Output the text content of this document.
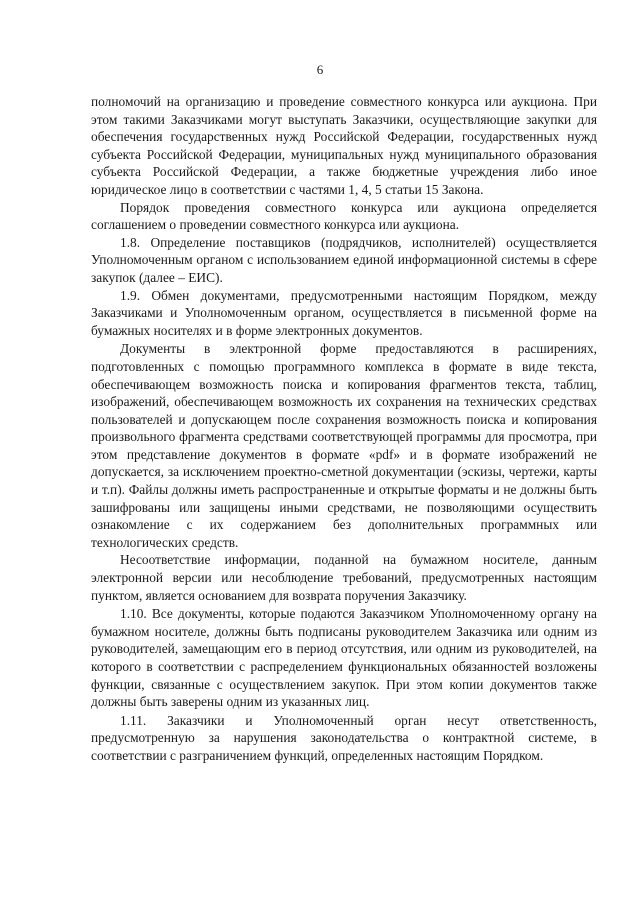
6

полномочий на организацию и проведение совместного конкурса или аукциона. При этом такими Заказчиками могут выступать Заказчики, осуществляющие закупки для обеспечения государственных нужд Российской Федерации, государственных нужд субъекта Российской Федерации, муниципальных нужд муниципального образования субъекта Российской Федерации, а также бюджетные учреждения либо иное юридическое лицо в соответствии с частями 1, 4, 5 статьи 15 Закона.

Порядок проведения совместного конкурса или аукциона определяется соглашением о проведении совместного конкурса или аукциона.

1.8. Определение поставщиков (подрядчиков, исполнителей) осуществляется Уполномоченным органом с использованием единой информационной системы в сфере закупок (далее – ЕИС).

1.9. Обмен документами, предусмотренными настоящим Порядком, между Заказчиками и Уполномоченным органом, осуществляется в письменной форме на бумажных носителях и в форме электронных документов.

Документы в электронной форме предоставляются в расширениях, подготовленных с помощью программного комплекса в формате в виде текста, обеспечивающем возможность поиска и копирования фрагментов текста, таблиц, изображений, обеспечивающем возможность их сохранения на технических средствах пользователей и допускающем после сохранения возможность поиска и копирования произвольного фрагмента средствами соответствующей программы для просмотра, при этом представление документов в формате «pdf» и в формате изображений не допускается, за исключением проектно-сметной документации (эскизы, чертежи, карты и т.п). Файлы должны иметь распространенные и открытые форматы и не должны быть зашифрованы или защищены иными средствами, не позволяющими осуществить ознакомление с их содержанием без дополнительных программных или технологических средств.

Несоответствие информации, поданной на бумажном носителе, данным электронной версии или несоблюдение требований, предусмотренных настоящим пунктом, является основанием для возврата поручения Заказчику.

1.10. Все документы, которые подаются Заказчиком Уполномоченному органу на бумажном носителе, должны быть подписаны руководителем Заказчика или одним из руководителей, замещающим его в период отсутствия, или одним из руководителей, на которого в соответствии с распределением функциональных обязанностей возложены функции, связанные с осуществлением закупок. При этом копии документов также должны быть заверены одним из указанных лиц.

1.11. Заказчики и Уполномоченный орган несут ответственность, предусмотренную за нарушения законодательства о контрактной системе, в соответствии с разграничением функций, определенных настоящим Порядком.
